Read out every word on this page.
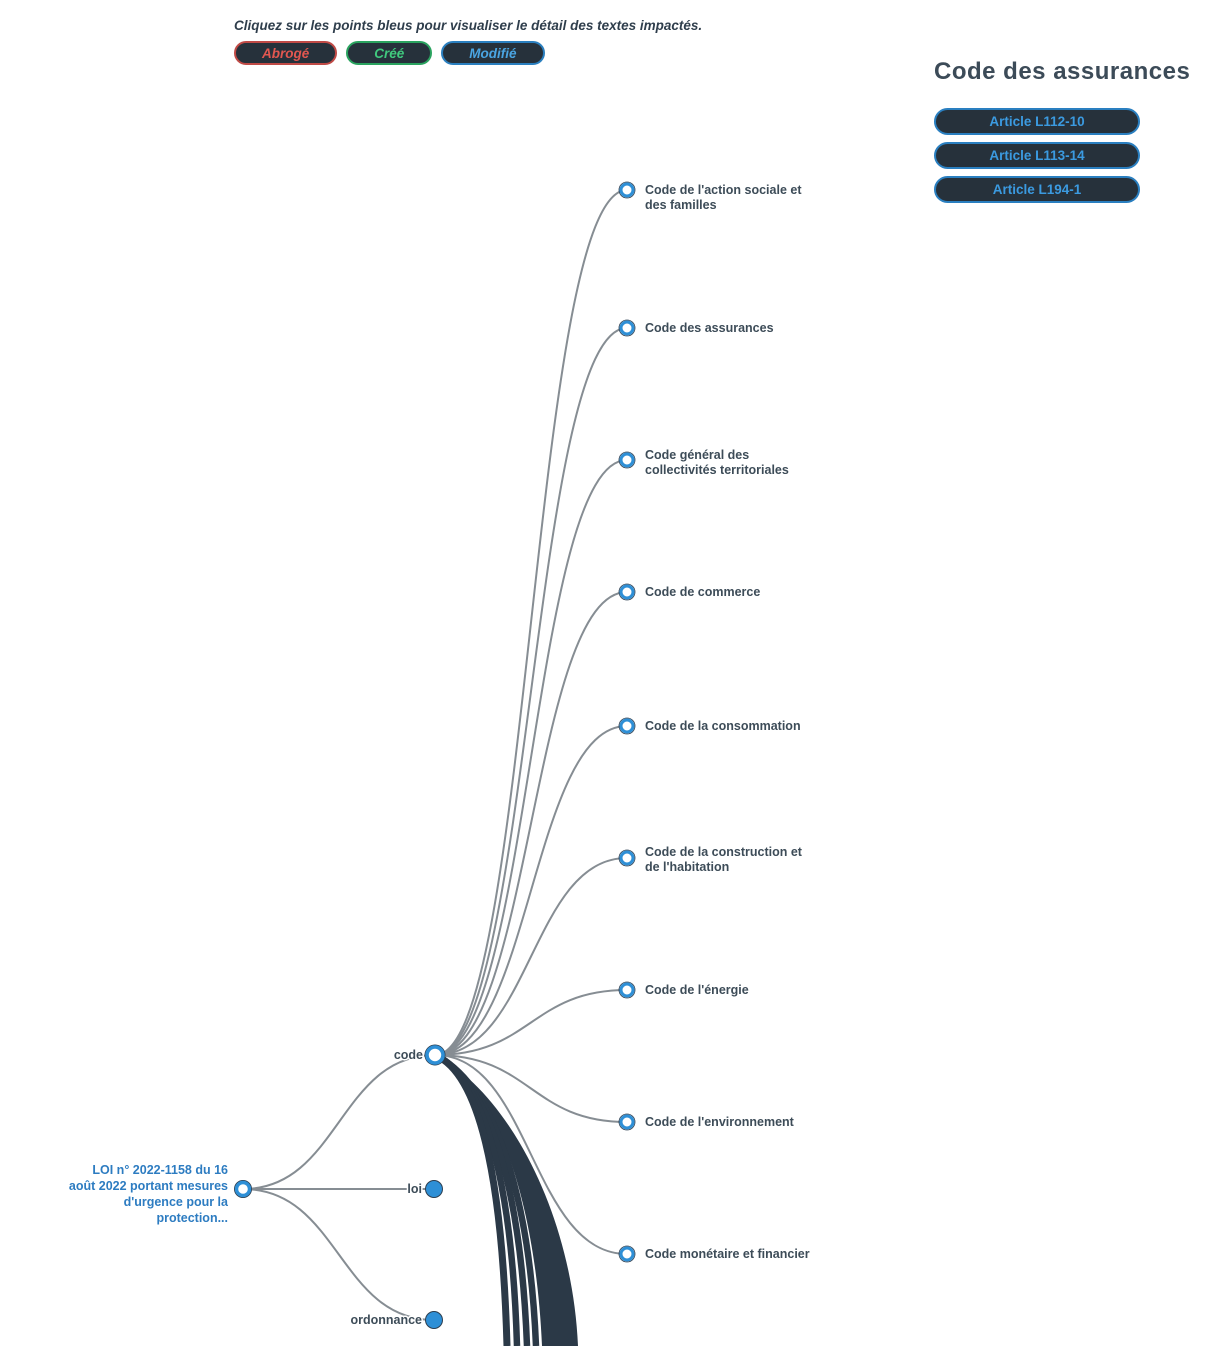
Cliquez sur les points bleus pour visualiser le détail des textes impactés.
Abrogé	Créé	Modifié
Code des assurances
Article L112-10
Article L113-14
Article L194-1
LOI n° 2022-1158 du 16
août 2022 portant mesures
d'urgence pour la
protection...
code
loi
ordonnance
Code de l'action sociale et
des familles
Code des assurances
Code général des
collectivités territoriales
Code de commerce
Code de la consommation
Code de la construction et
de l'habitation
Code de l'énergie
Code de l'environnement
Code monétaire et financier
